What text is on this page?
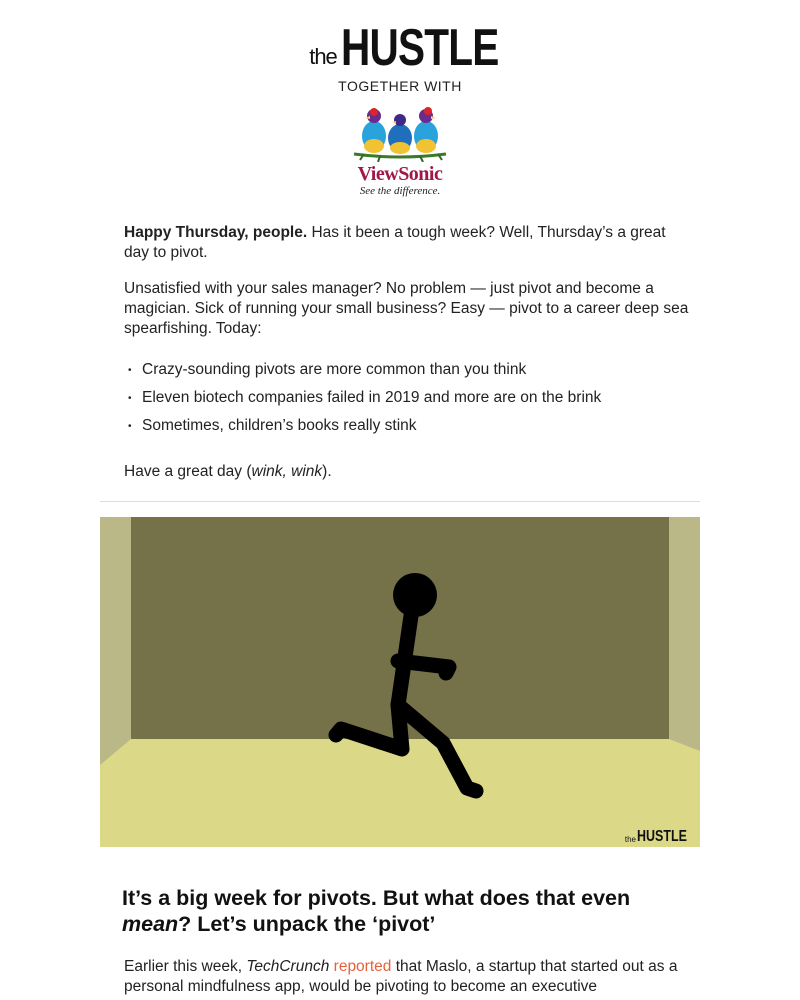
the HUSTLE
TOGETHER WITH
ViewSonic
See the difference.

Happy Thursday, people. Has it been a tough week? Well, Thursday’s a great day to pivot.

Unsatisfied with your sales manager? No problem — just pivot and become a magician. Sick of running your small business? Easy — pivot to a career deep sea spearfishing. Today:

• Crazy-sounding pivots are more common than you think
• Eleven biotech companies failed in 2019 and more are on the brink
• Sometimes, children’s books really stink

Have a great day (wink, wink).

the HUSTLE
It’s a big week for pivots. But what does that even mean? Let’s unpack the ‘pivot’

Earlier this week, TechCrunch reported that Maslo, a startup that started out as a personal mindfulness app, would be pivoting to become an executive
